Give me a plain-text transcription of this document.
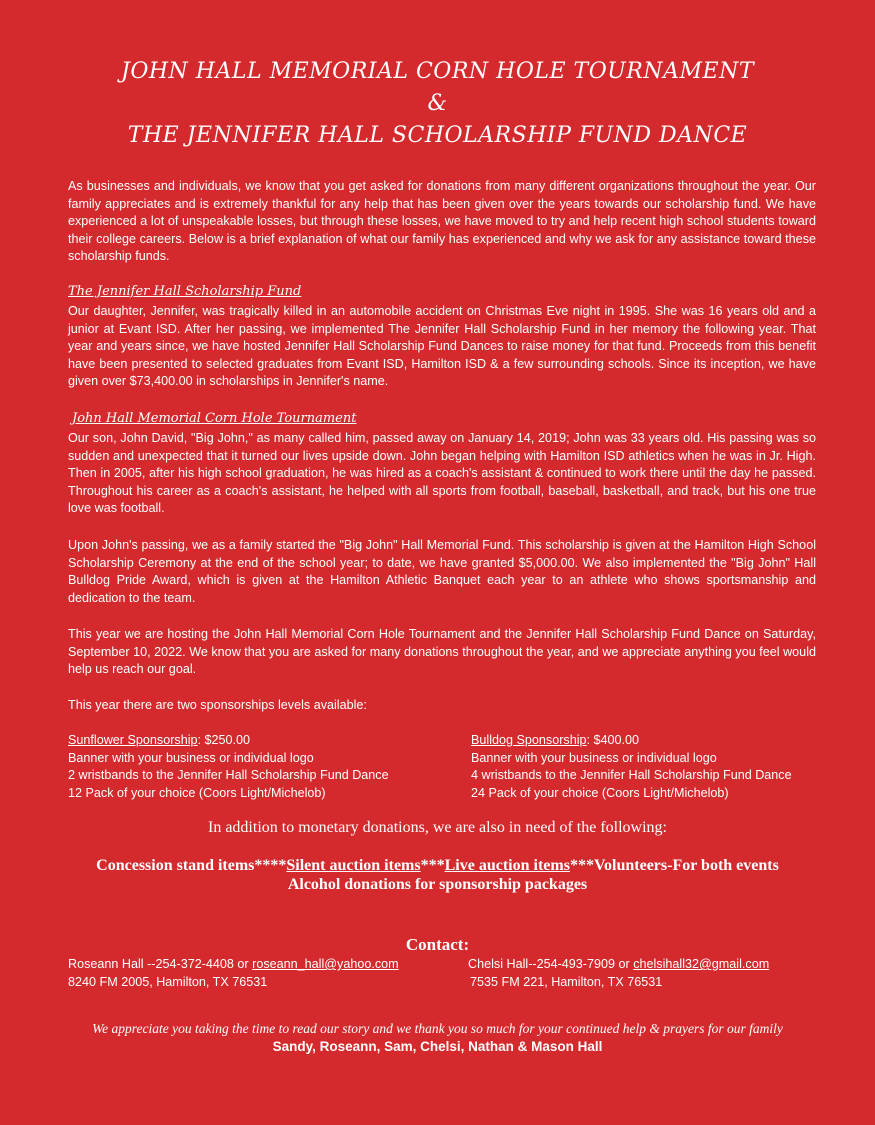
JOHN HALL MEMORIAL CORN HOLE TOURNAMENT
&
THE JENNIFER HALL SCHOLARSHIP FUND DANCE
As businesses and individuals, we know that you get asked for donations from many different organizations throughout the year. Our family appreciates and is extremely thankful for any help that has been given over the years towards our scholarship fund. We have experienced a lot of unspeakable losses, but through these losses, we have moved to try and help recent high school students toward their college careers. Below is a brief explanation of what our family has experienced and why we ask for any assistance toward these scholarship funds.
The Jennifer Hall Scholarship Fund
Our daughter, Jennifer, was tragically killed in an automobile accident on Christmas Eve night in 1995. She was 16 years old and a junior at Evant ISD. After her passing, we implemented The Jennifer Hall Scholarship Fund in her memory the following year. That year and years since, we have hosted Jennifer Hall Scholarship Fund Dances to raise money for that fund. Proceeds from this benefit have been presented to selected graduates from Evant ISD, Hamilton ISD & a few surrounding schools. Since its inception, we have given over $73,400.00 in scholarships in Jennifer's name.
John Hall Memorial Corn Hole Tournament
Our son, John David, "Big John," as many called him, passed away on January 14, 2019; John was 33 years old. His passing was so sudden and unexpected that it turned our lives upside down. John began helping with Hamilton ISD athletics when he was in Jr. High. Then in 2005, after his high school graduation, he was hired as a coach's assistant & continued to work there until the day he passed. Throughout his career as a coach's assistant, he helped with all sports from football, baseball, basketball, and track, but his one true love was football.
Upon John's passing, we as a family started the "Big John" Hall Memorial Fund. This scholarship is given at the Hamilton High School Scholarship Ceremony at the end of the school year; to date, we have granted $5,000.00. We also implemented the "Big John" Hall Bulldog Pride Award, which is given at the Hamilton Athletic Banquet each year to an athlete who shows sportsmanship and dedication to the team.
This year we are hosting the John Hall Memorial Corn Hole Tournament and the Jennifer Hall Scholarship Fund Dance on Saturday, September 10, 2022. We know that you are asked for many donations throughout the year, and we appreciate anything you feel would help us reach our goal.
This year there are two sponsorships levels available:
Sunflower Sponsorship: $250.00
Banner with your business or individual logo
2 wristbands to the Jennifer Hall Scholarship Fund Dance
12 Pack of your choice (Coors Light/Michelob)
Bulldog Sponsorship: $400.00
Banner with your business or individual logo
4 wristbands to the Jennifer Hall Scholarship Fund Dance
24 Pack of your choice (Coors Light/Michelob)
In addition to monetary donations, we are also in need of the following:
Concession stand items****Silent auction items***Live auction items***Volunteers-For both events
Alcohol donations for sponsorship packages
Contact:
Roseann Hall --254-372-4408 or roseann_hall@yahoo.com
8240 FM 2005, Hamilton, TX 76531
Chelsi Hall--254-493-7909 or chelsihall32@gmail.com
7535 FM 221, Hamilton, TX 76531
We appreciate you taking the time to read our story and we thank you so much for your continued help & prayers for our family
Sandy, Roseann, Sam, Chelsi, Nathan & Mason Hall
